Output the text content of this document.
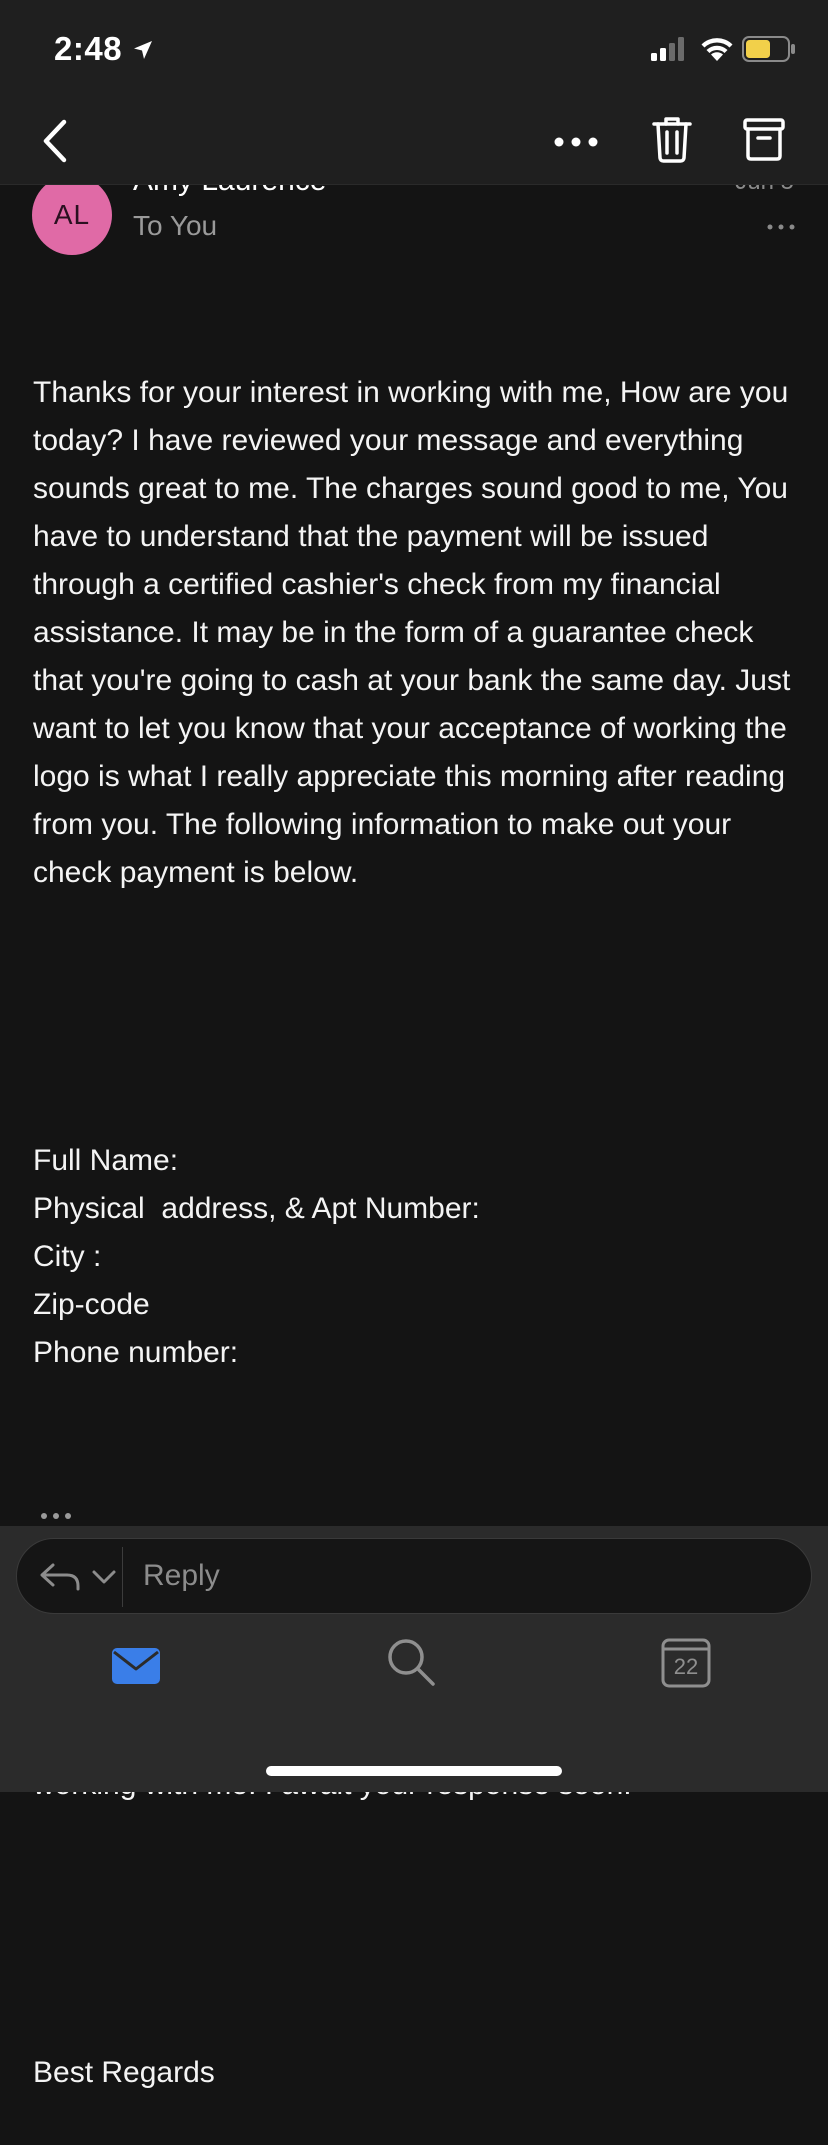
2:48
AL To You

Thanks for your interest in working with me, How are you today? I have reviewed your message and everything sounds great to me. The charges sound good to me, You have to understand that the payment will be issued through a certified cashier's check from my financial assistance. It may be in the form of a guarantee check that you're going to cash at your bank the same day. Just want to let you know that your acceptance of working the logo is what I really appreciate this morning after reading from you. The following information to make out your check payment is below.

Full Name:
Physical  address, & Apt Number:
City :
Zip-code
Phone number:

Best Regards

Reply
22
